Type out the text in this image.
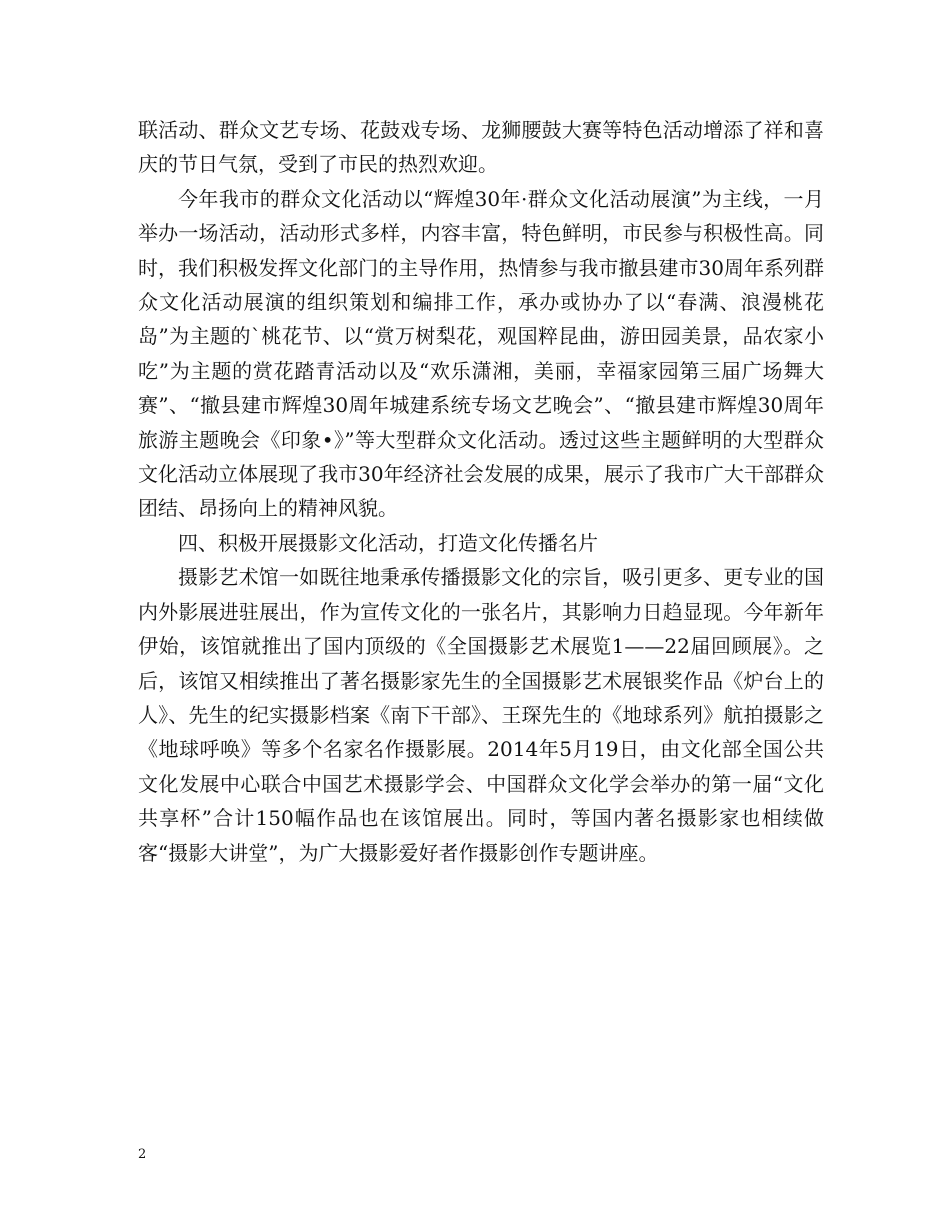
联活动、群众文艺专场、花鼓戏专场、龙狮腰鼓大赛等特色活动增添了祥和喜庆的节日气氛，受到了市民的热烈欢迎。

今年我市的群众文化活动以“辉煌30年·群众文化活动展演”为主线，一月举办一场活动，活动形式多样，内容丰富，特色鲜明，市民参与积极性高。同时，我们积极发挥文化部门的主导作用，热情参与我市撤县建市30周年系列群众文化活动展演的组织策划和编排工作，承办或协办了以“春满、浪漫桃花岛”为主题的`桃花节、以“赏万树梨花，观国粹昆曲，游田园美景，品农家小吃”为主题的赏花踏青活动以及“欢乐潇湘，美丽，幸福家园第三届广场舞大赛”、“撤县建市辉煌30周年城建系统专场文艺晚会”、“撤县建市辉煌30周年旅游主题晚会《印象•》”等大型群众文化活动。透过这些主题鲜明的大型群众文化活动立体展现了我市30年经济社会发展的成果，展示了我市广大干部群众团结、昂扬向上的精神风貌。

四、积极开展摄影文化活动，打造文化传播名片

摄影艺术馆一如既往地秉承传播摄影文化的宗旨，吸引更多、更专业的国内外影展进驻展出，作为宣传文化的一张名片，其影响力日趋显现。今年新年伊始，该馆就推出了国内顶级的《全国摄影艺术展览1——22届回顾展》。之后，该馆又相续推出了著名摄影家先生的全国摄影艺术展银奖作品《炉台上的人》、先生的纪实摄影档案《南下干部》、王琛先生的《地球系列》航拍摄影之《地球呼唤》等多个名家名作摄影展。2014年5月19日，由文化部全国公共文化发展中心联合中国艺术摄影学会、中国群众文化学会举办的第一届“文化共享杯”合计150幅作品也在该馆展出。同时，等国内著名摄影家也相续做客“摄影大讲堂”，为广大摄影爱好者作摄影创作专题讲座。

2
